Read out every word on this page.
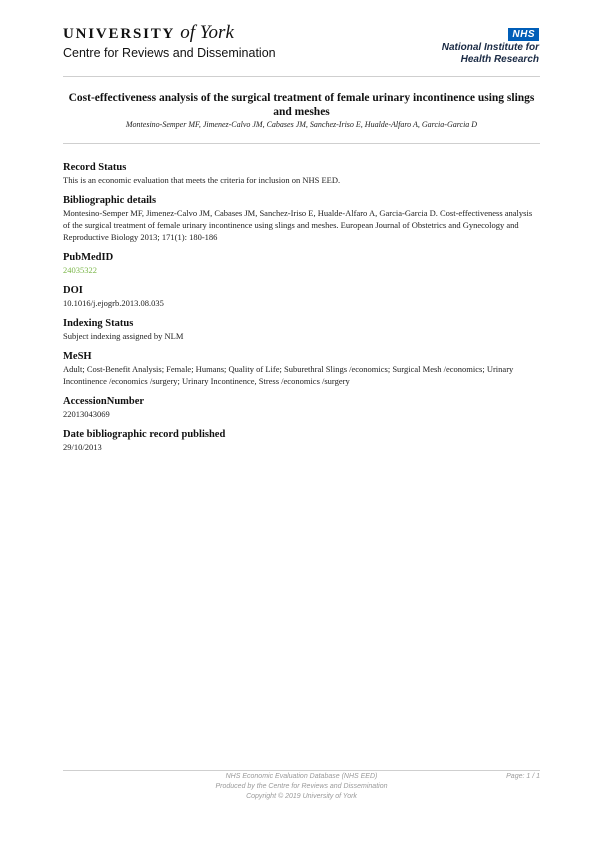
UNIVERSITY of York
Centre for Reviews and Dissemination
NHS
National Institute for
Health Research
Cost-effectiveness analysis of the surgical treatment of female urinary incontinence using slings and meshes
Montesino-Semper MF, Jimenez-Calvo JM, Cabases JM, Sanchez-Iriso E, Hualde-Alfaro A, Garcia-Garcia D
Record Status
This is an economic evaluation that meets the criteria for inclusion on NHS EED.
Bibliographic details
Montesino-Semper MF, Jimenez-Calvo JM, Cabases JM, Sanchez-Iriso E, Hualde-Alfaro A, Garcia-Garcia D. Cost-effectiveness analysis of the surgical treatment of female urinary incontinence using slings and meshes. European Journal of Obstetrics and Gynecology and Reproductive Biology 2013; 171(1): 180-186
PubMedID
24035322
DOI
10.1016/j.ejogrb.2013.08.035
Indexing Status
Subject indexing assigned by NLM
MeSH
Adult; Cost-Benefit Analysis; Female; Humans; Quality of Life; Suburethral Slings /economics; Surgical Mesh /economics; Urinary Incontinence /economics /surgery; Urinary Incontinence, Stress /economics /surgery
AccessionNumber
22013043069
Date bibliographic record published
29/10/2013
NHS Economic Evaluation Database (NHS EED)
Produced by the Centre for Reviews and Dissemination
Copyright © 2019 University of York
Page: 1 / 1
